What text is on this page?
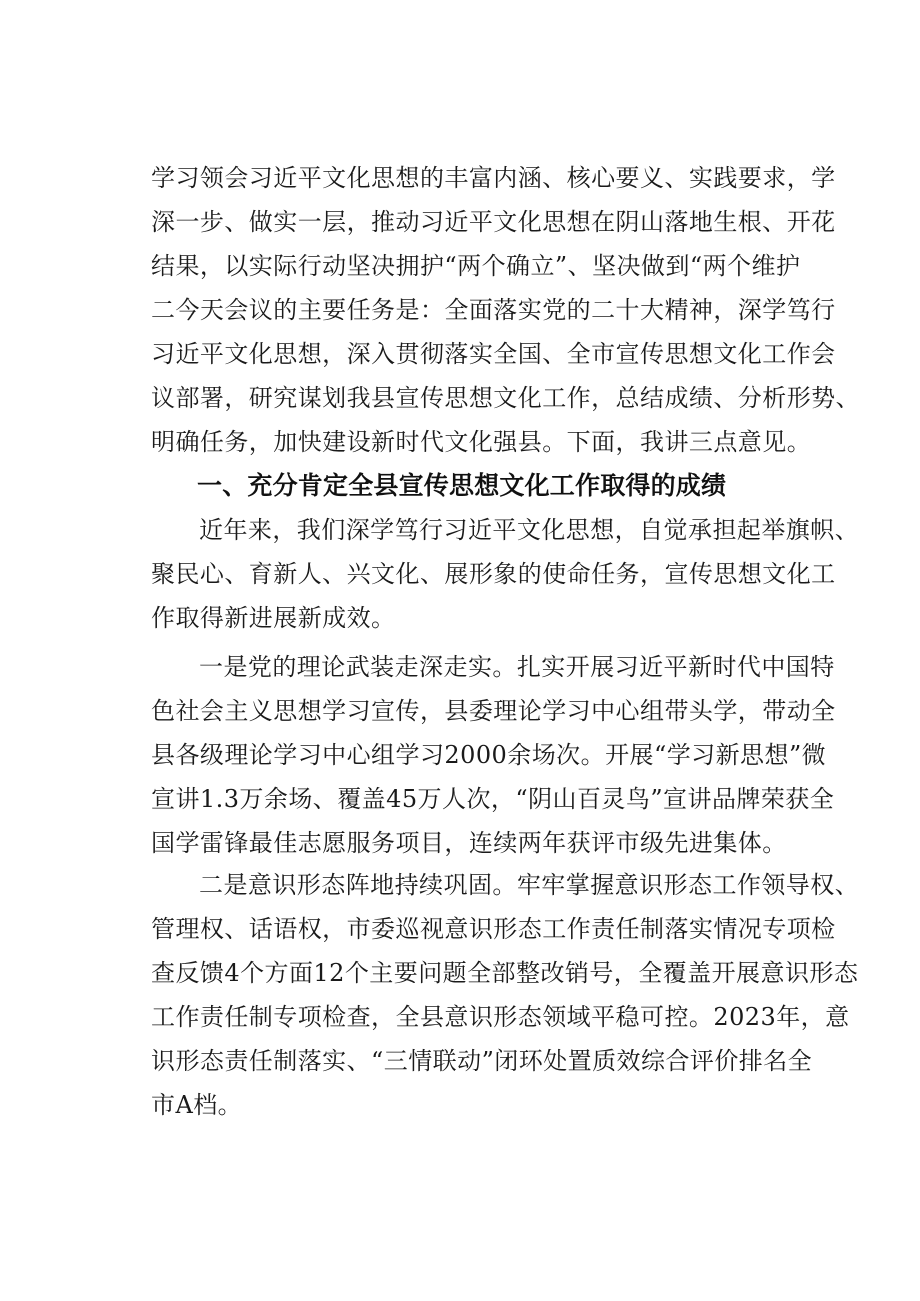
学习领会习近平文化思想的丰富内涵、核心要义、实践要求，学
深一步、做实一层，推动习近平文化思想在阴山落地生根、开花
结果，以实际行动坚决拥护“两个确立”、坚决做到“两个维护
二今天会议的主要任务是：全面落实党的二十大精神，深学笃行
习近平文化思想，深入贯彻落实全国、全市宣传思想文化工作会
议部署，研究谋划我县宣传思想文化工作，总结成绩、分析形势、
明确任务，加快建设新时代文化强县。下面，我讲三点意见。
一、充分肯定全县宣传思想文化工作取得的成绩
近年来，我们深学笃行习近平文化思想，自觉承担起举旗帜、
聚民心、育新人、兴文化、展形象的使命任务，宣传思想文化工
作取得新进展新成效。
一是党的理论武装走深走实。扎实开展习近平新时代中国特
色社会主义思想学习宣传，县委理论学习中心组带头学，带动全
县各级理论学习中心组学习2000余场次。开展“学习新思想”微
宣讲1.3万余场、覆盖45万人次，“阴山百灵鸟”宣讲品牌荣获全
国学雷锋最佳志愿服务项目，连续两年获评市级先进集体。
二是意识形态阵地持续巩固。牢牢掌握意识形态工作领导权、
管理权、话语权，市委巡视意识形态工作责任制落实情况专项检
查反馈4个方面12个主要问题全部整改销号，全覆盖开展意识形态
工作责任制专项检查，全县意识形态领域平稳可控。2023年，意
识形态责任制落实、“三情联动”闭环处置质效综合评价排名全
市A档。
